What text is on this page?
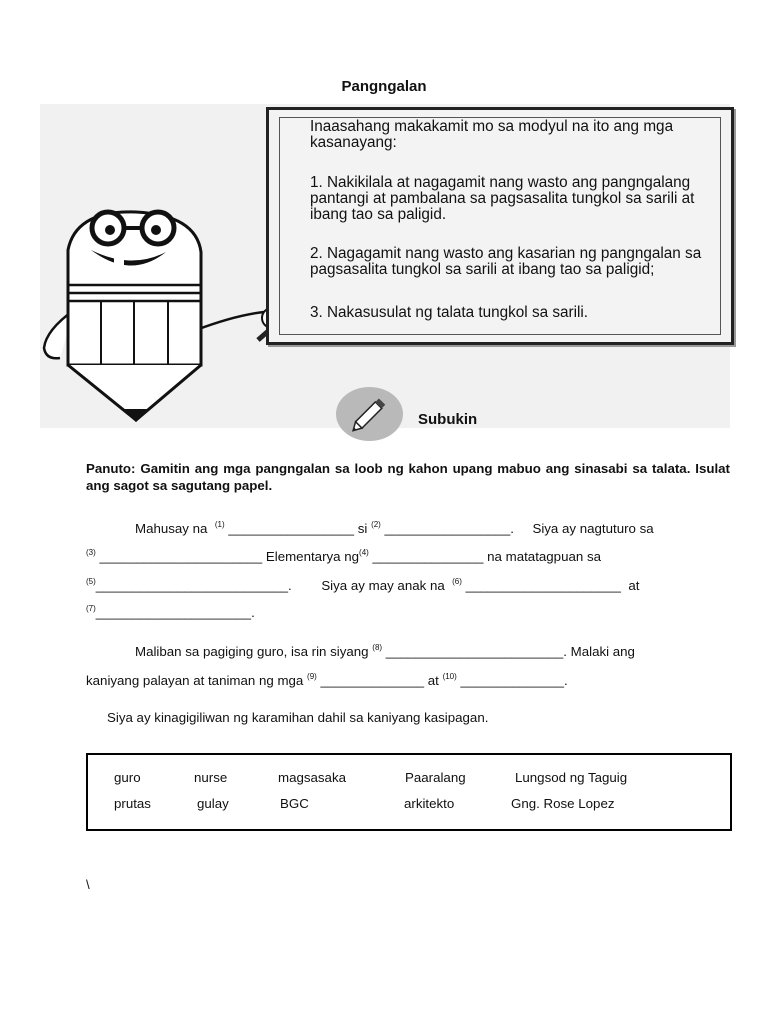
Pangngalan
Inaasahang makakamit mo sa modyul na ito ang mga kasanayang:
1. Nakikilala at nagagamit nang wasto ang pangngalang pantangi at pambalana sa pagsasalita tungkol sa sarili at ibang tao sa paligid.
2. Nagagamit nang wasto ang kasarian ng pangngalan sa pagsasalita tungkol sa sarili at ibang tao sa paligid;
3. Nakasusulat ng talata tungkol sa sarili.
Subukin
Panuto: Gamitin ang mga pangngalan sa loob ng kahon upang mabuo ang sinasabi sa talata. Isulat ang sagot sa sagutang papel.
Mahusay na $^{(1)}$ _________________ si $^{(2)}$ _________________. Siya ay nagtuturo sa
$^{(3)}$ ______________________ Elementarya $ng^{(4)}$ _______________ na matatagpuan sa
$^{(5)}$__________________________. Siya ay may anak na $^{(6)}$ _____________________ at
$^{(7)}$_____________________.
Maliban sa pagiging guro, isa rin siyang $^{(8)}$ ________________________. Malaki ang
kaniyang palayan at taniman ng mga $^{(9)}$ ______________ at $^{(10)}$ ______________.
Siya ay kinagigiliwan ng karamihan dahil sa kaniyang kasipagan.
guro	nurse	magsasaka	Paaralang	Lungsod ng Taguig
prutas	gulay	BGC	arkitekto	Gng. Rose Lopez
\
